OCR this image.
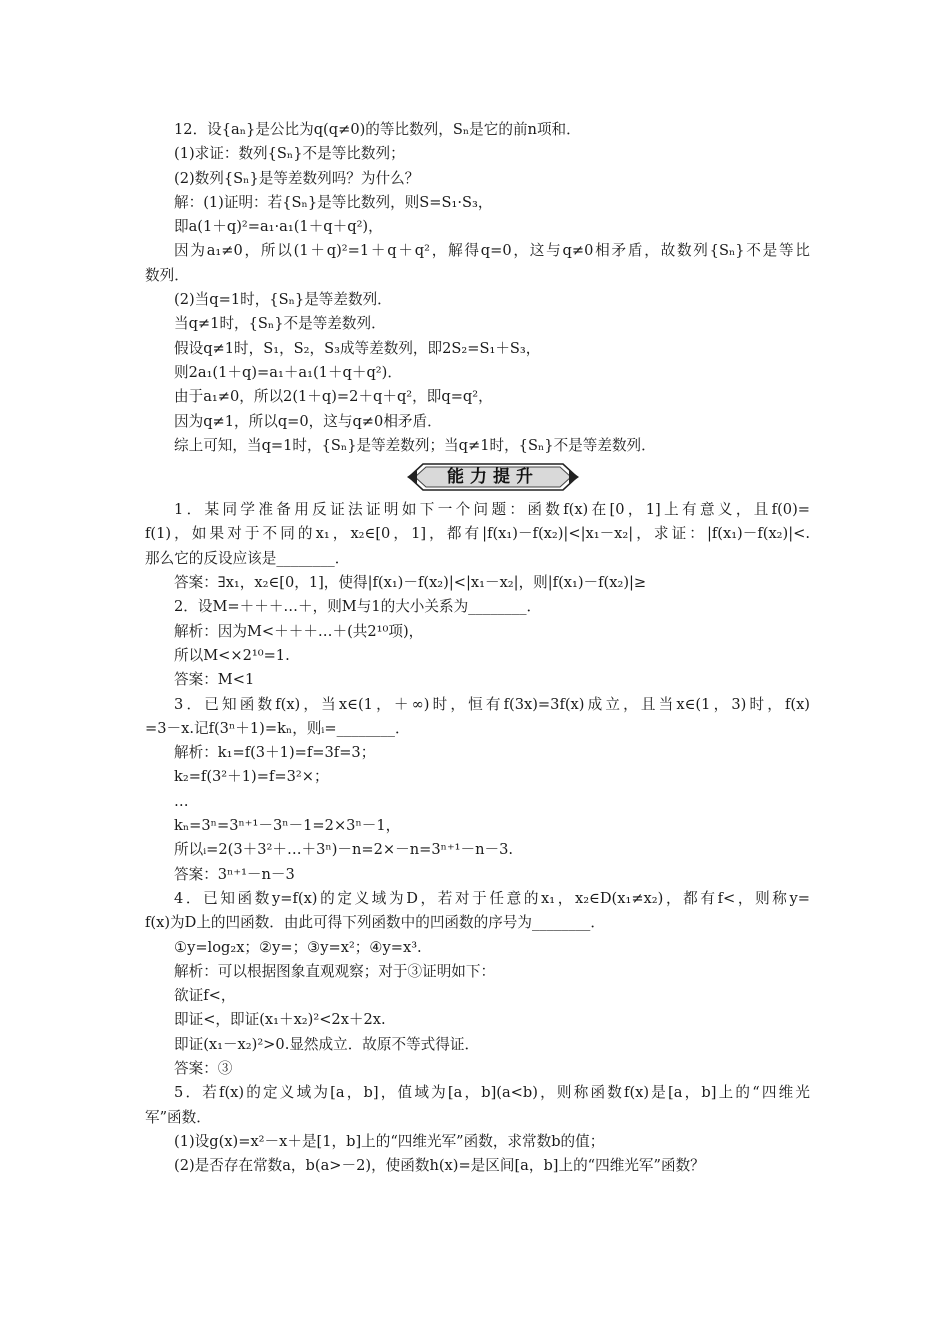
12．设{aₙ}是公比为q(q≠0)的等比数列，Sₙ是它的前n项和．
(1)求证：数列{Sₙ}不是等比数列；
(2)数列{Sₙ}是等差数列吗？为什么？
解：(1)证明：若{Sₙ}是等比数列，则S=S₁·S₃，
即a(1＋q)²=a₁·a₁(1＋q＋q²)，
因为a₁≠0，所以(1＋q)²=1＋q＋q²，解得q=0，这与q≠0相矛盾，故数列{Sₙ}不是等比
数列．
(2)当q=1时，{Sₙ}是等差数列．
当q≠1时，{Sₙ}不是等差数列．
假设q≠1时，S₁，S₂，S₃成等差数列，即2S₂=S₁＋S₃，
则2a₁(1＋q)=a₁＋a₁(1＋q＋q²)．
由于a₁≠0，所以2(1＋q)=2＋q＋q²，即q=q²，
因为q≠1，所以q=0，这与q≠0相矛盾．
综上可知，当q=1时，{Sₙ}是等差数列；当q≠1时，{Sₙ}不是等差数列．
能力提升
1．某同学准备用反证法证明如下一个问题：函数f(x)在[0，1]上有意义，且f(0)=
f(1)，如果对于不同的x₁，x₂∈[0，1]，都有|f(x₁)－f(x₂)|<|x₁－x₂|，求证：|f(x₁)－f(x₂)|<.
那么它的反设应该是________．
答案：∃x₁，x₂∈[0，1]，使得|f(x₁)－f(x₂)|<|x₁－x₂|，则|f(x₁)－f(x₂)|≥
2．设M=＋＋＋…＋，则M与1的大小关系为________．
解析：因为M<＋＋＋…＋(共2¹⁰项)，
所以M<×2¹⁰=1.
答案：M<1
3．已知函数f(x)，当x∈(1，＋∞)时，恒有f(3x)=3f(x)成立，且当x∈(1，3)时，f(x)
=3－x.记f(3ⁿ＋1)=kₙ，则ᵢ=________．
解析：k₁=f(3＋1)=f=3f=3；
k₂=f(3²＋1)=f=3²×；
…
kₙ=3ⁿ=3ⁿ⁺¹－3ⁿ－1=2×3ⁿ－1，
所以ᵢ=2(3＋3²＋…＋3ⁿ)－n=2×－n=3ⁿ⁺¹－n－3.
答案：3ⁿ⁺¹－n－3
4．已知函数y=f(x)的定义域为D，若对于任意的x₁，x₂∈D(x₁≠x₂)，都有f<，则称y=
f(x)为D上的凹函数．由此可得下列函数中的凹函数的序号为________．
①y=log₂x；②y=；③y=x²；④y=x³.
解析：可以根据图象直观观察；对于③证明如下：
欲证f<，
即证<，即证(x₁＋x₂)²<2x＋2x.
即证(x₁－x₂)²>0.显然成立．故原不等式得证．
答案：③
5．若f(x)的定义域为[a，b]，值域为[a，b](a<b)，则称函数f(x)是[a，b]上的“四维光
军”函数．
(1)设g(x)=x²－x＋是[1，b]上的“四维光军”函数，求常数b的值；
(2)是否存在常数a，b(a>－2)，使函数h(x)=是区间[a，b]上的“四维光军”函数？
